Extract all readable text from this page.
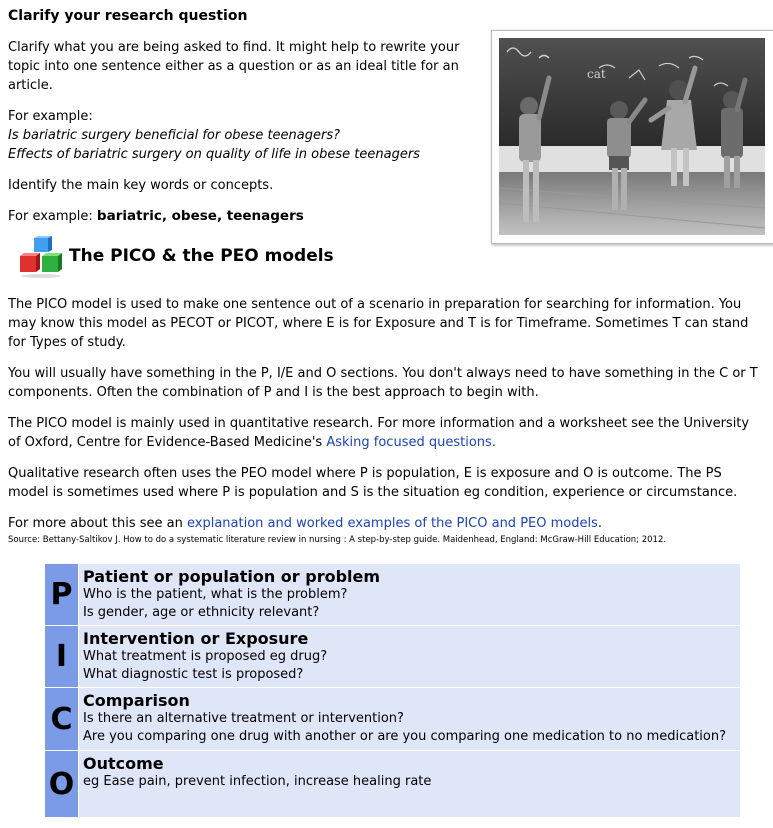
Clarify your research question

Clarify what you are being asked to find. It might help to rewrite your topic into one sentence either as a question or as an ideal title for an article.

For example:
Is bariatric surgery beneficial for obese teenagers?
Effects of bariatric surgery on quality of life in obese teenagers

Identify the main key words or concepts.

For example: bariatric, obese, teenagers

cat
The PICO & the PEO models

The PICO model is used to make one sentence out of a scenario in preparation for searching for information. You may know this model as PECOT or PICOT, where E is for Exposure and T is for Timeframe. Sometimes T can stand for Types of study.

You will usually have something in the P, I/E and O sections. You don't always need to have something in the C or T components. Often the combination of P and I is the best approach to begin with.

The PICO model is mainly used in quantitative research. For more information and a worksheet see the University of Oxford, Centre for Evidence-Based Medicine's Asking focused questions.

Qualitative research often uses the PEO model where P is population, E is exposure and O is outcome. The PS model is sometimes used where P is population and S is the situation eg condition, experience or circumstance.

For more about this see an explanation and worked examples of the PICO and PEO models.

Source: Bettany-Saltikov J. How to do a systematic literature review in nursing : A step-by-step guide. Maidenhead, England: McGraw-Hill Education; 2012.
P
Patient or population or problem
Who is the patient, what is the problem?
Is gender, age or ethnicity relevant?
I
Intervention or Exposure
What treatment is proposed eg drug?
What diagnostic test is proposed?
C
Comparison
Is there an alternative treatment or intervention?
Are you comparing one drug with another or are you comparing one medication to no medication?
O
Outcome
eg Ease pain, prevent infection, increase healing rate
